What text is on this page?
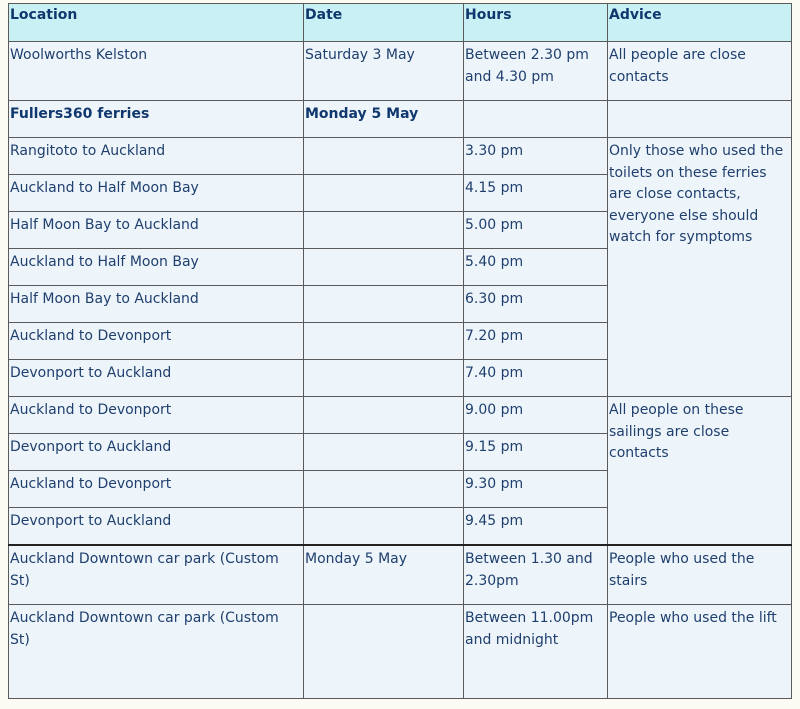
Location	Date	Hours	Advice
Woolworths Kelston	Saturday 3 May	Between 2.30 pm and 4.30 pm	All people are close contacts
Fullers360 ferries	Monday 5 May		
Rangitoto to Auckland		3.30 pm	Only those who used the toilets on these ferries are close contacts, everyone else should watch for symptoms
Auckland to Half Moon Bay		4.15 pm	
Half Moon Bay to Auckland		5.00 pm	
Auckland to Half Moon Bay		5.40 pm	
Half Moon Bay to Auckland		6.30 pm	
Auckland to Devonport		7.20 pm	
Devonport to Auckland		7.40 pm	
Auckland to Devonport		9.00 pm	All people on these sailings are close contacts
Devonport to Auckland		9.15 pm	
Auckland to Devonport		9.30 pm	
Devonport to Auckland		9.45 pm	
Auckland Downtown car park (Custom St)	Monday 5 May	Between 1.30 and 2.30pm	People who used the stairs
Auckland Downtown car park (Custom St)		Between 11.00pm and midnight	People who used the lift
